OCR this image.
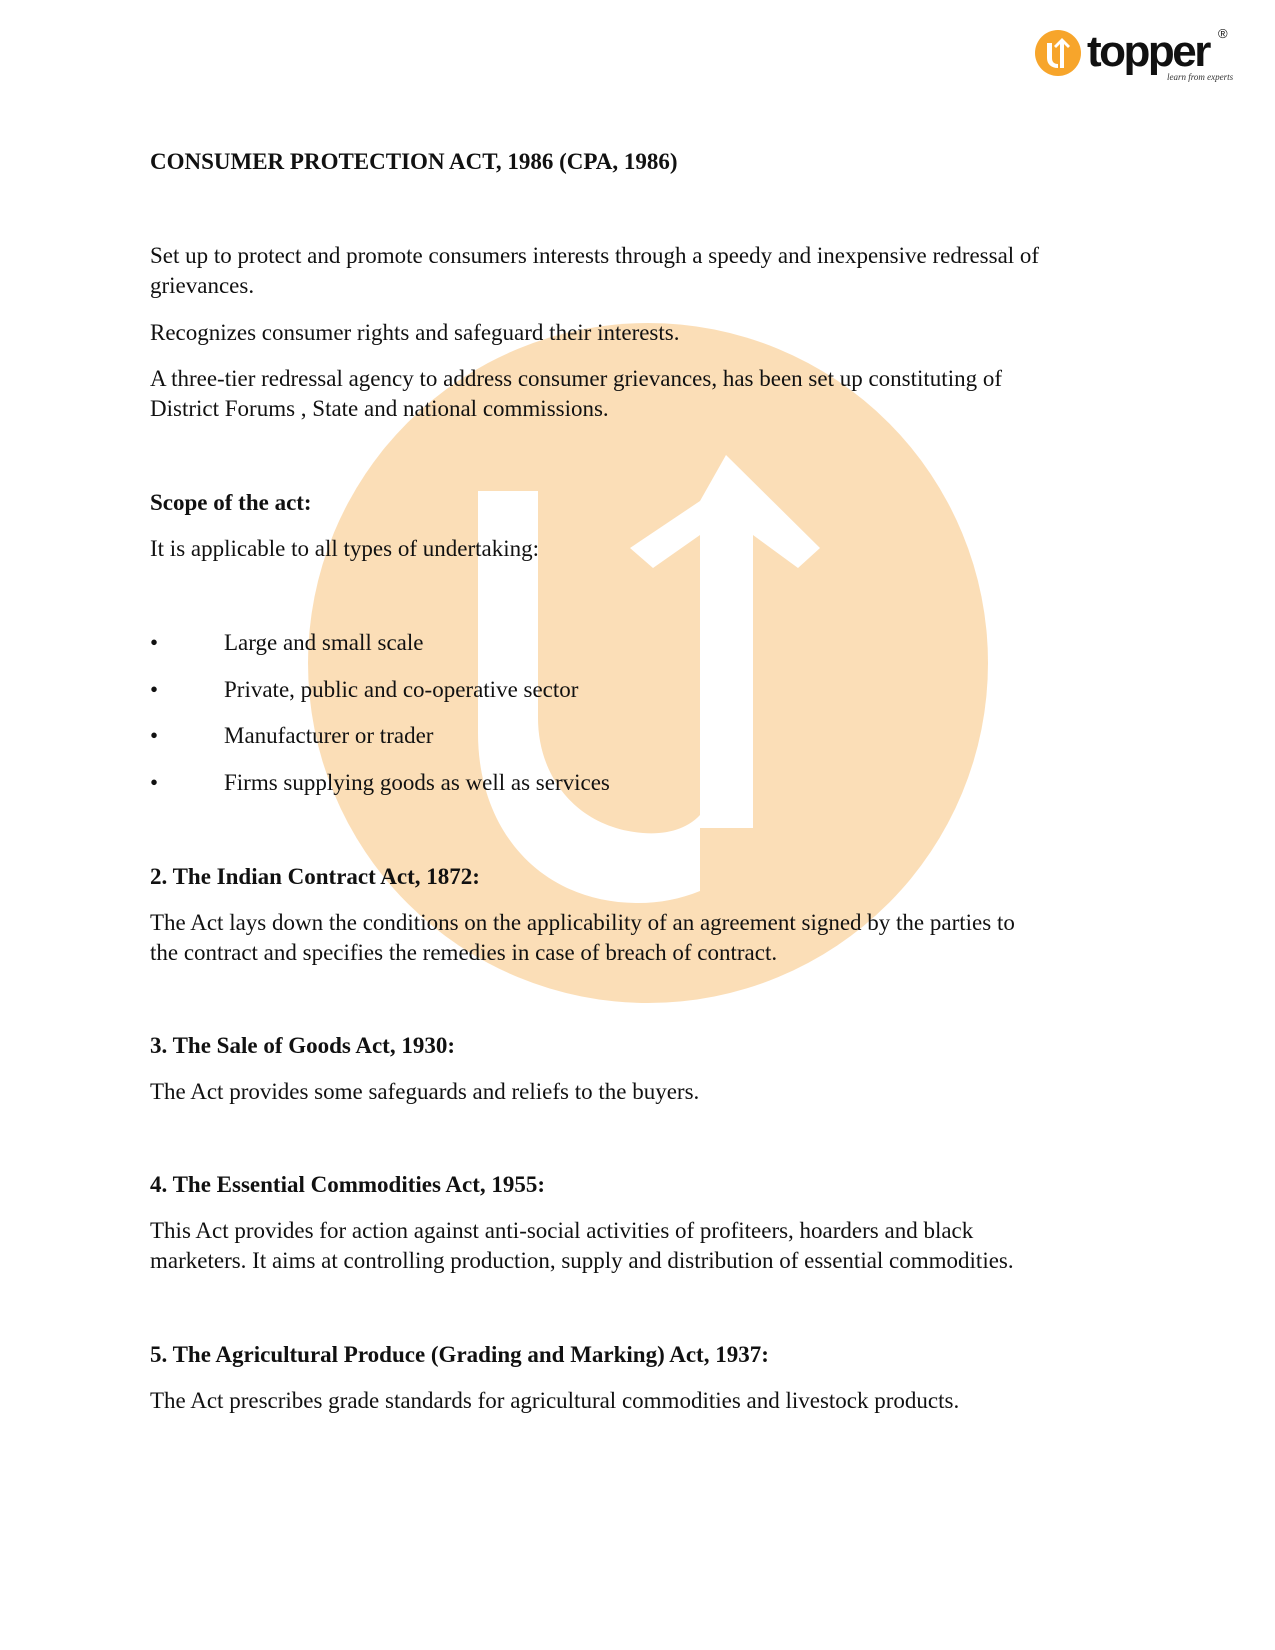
topper ®
learn from experts

CONSUMER PROTECTION ACT, 1986 (CPA, 1986)

Set up to protect and promote consumers interests through a speedy and inexpensive redressal of

grievances.

Recognizes consumer rights and safeguard their interests.

A three-tier redressal agency to address consumer grievances, has been set up constituting of

District Forums , State and national commissions.

Scope of the act:

It is applicable to all types of undertaking:

•	Large and small scale
•	Private, public and co-operative sector
•	Manufacturer or trader
•	Firms supplying goods as well as services

2. The Indian Contract Act, 1872:

The Act lays down the conditions on the applicability of an agreement signed by the parties to

the contract and specifies the remedies in case of breach of contract.

3. The Sale of Goods Act, 1930:

The Act provides some safeguards and reliefs to the buyers.

4. The Essential Commodities Act, 1955:

This Act provides for action against anti-social activities of profiteers, hoarders and black

marketers. It aims at controlling production, supply and distribution of essential commodities.

5. The Agricultural Produce (Grading and Marking) Act, 1937:

The Act prescribes grade standards for agricultural commodities and livestock products.
